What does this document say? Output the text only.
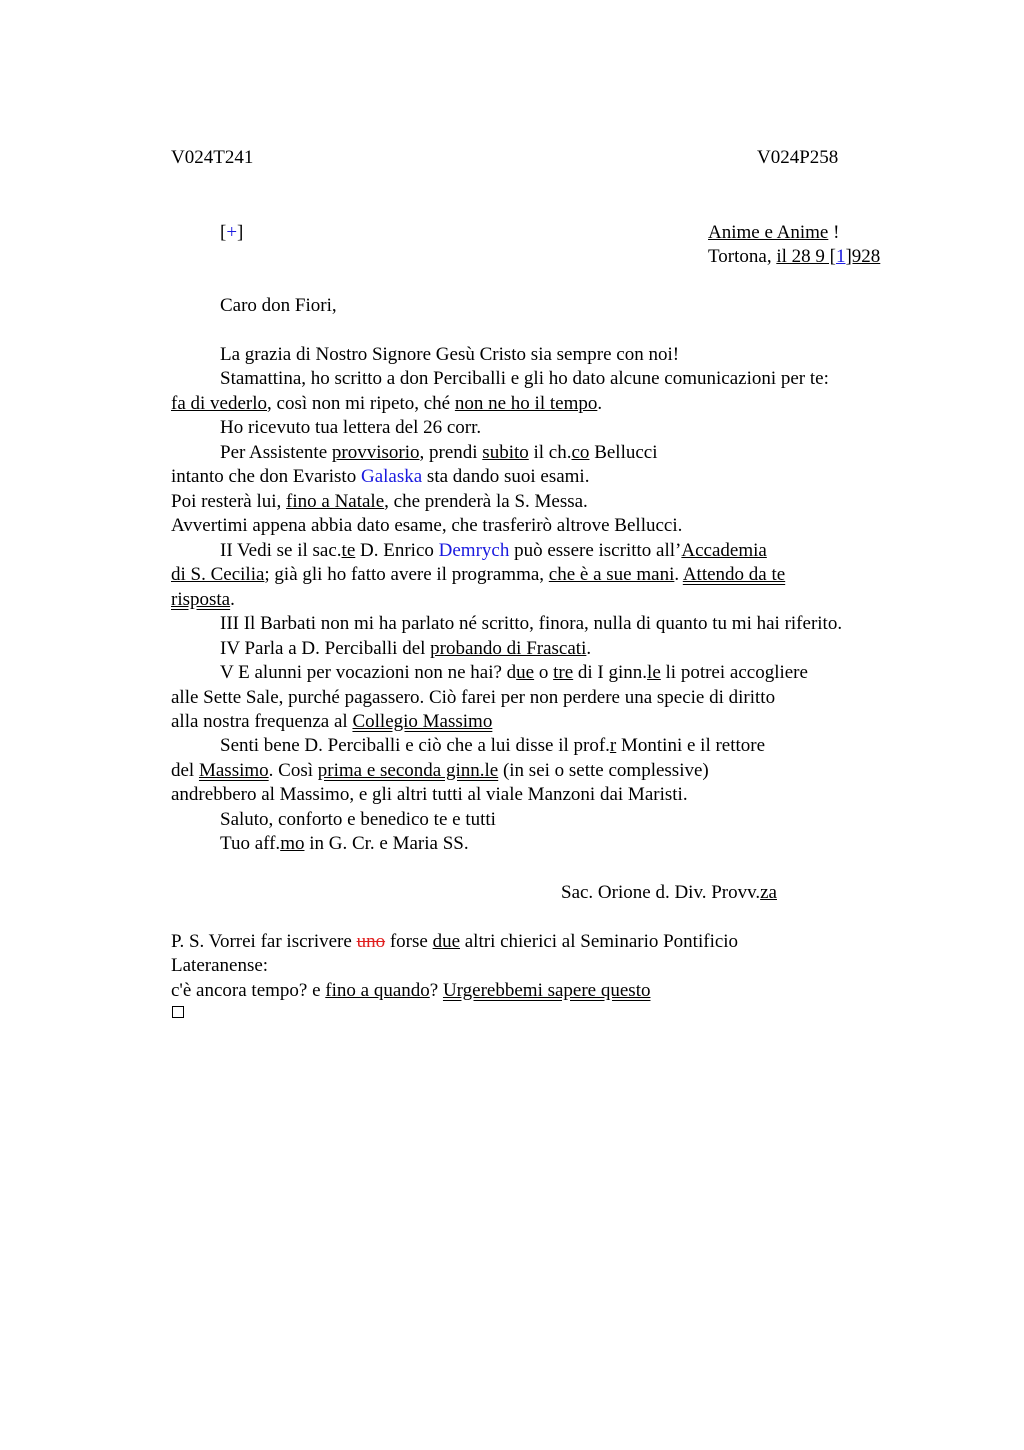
V024T241	V024P258
[+]	Anime e Anime !
Tortona, il 28 9 [1]928
Caro don Fiori,
La grazia di Nostro Signore Gesù Cristo sia sempre con noi!
Stamattina, ho scritto a don Perciballi e gli ho dato alcune comunicazioni per te:
fa di vederlo, così non mi ripeto, ché non ne ho il tempo.
Ho ricevuto tua lettera del 26 corr.
Per Assistente provvisorio, prendi subito il ch.co Bellucci
intanto che don Evaristo Galaska sta dando suoi esami.
Poi resterà lui, fino a Natale, che prenderà la S. Messa.
Avvertimi appena abbia dato esame, che trasferirò altrove Bellucci.
II Vedi se il sac.te D. Enrico Demrych può essere iscritto all’Accademia
di S. Cecilia; già gli ho fatto avere il programma, che è a sue mani. Attendo da te
risposta.
III Il Barbati non mi ha parlato né scritto, finora, nulla di quanto tu mi hai riferito.
IV Parla a D. Perciballi del probando di Frascati.
V E alunni per vocazioni non ne hai? due o tre di I ginn.le li potrei accogliere
alle Sette Sale, purché pagassero. Ciò farei per non perdere una specie di diritto
alla nostra frequenza al Collegio Massimo
Senti bene D. Perciballi e ciò che a lui disse il prof.r Montini e il rettore
del Massimo. Così prima e seconda ginn.le (in sei o sette complessive)
andrebbero al Massimo, e gli altri tutti al viale Manzoni dai Maristi.
Saluto, conforto e benedico te e tutti
Tuo aff.mo in G. Cr. e Maria SS.
Sac. Orione d. Div. Provv.za
P. S. Vorrei far iscrivere uno forse due altri chierici al Seminario Pontificio
Lateranense:
c'è ancora tempo? e fino a quando? Urgerebbemi sapere questo
